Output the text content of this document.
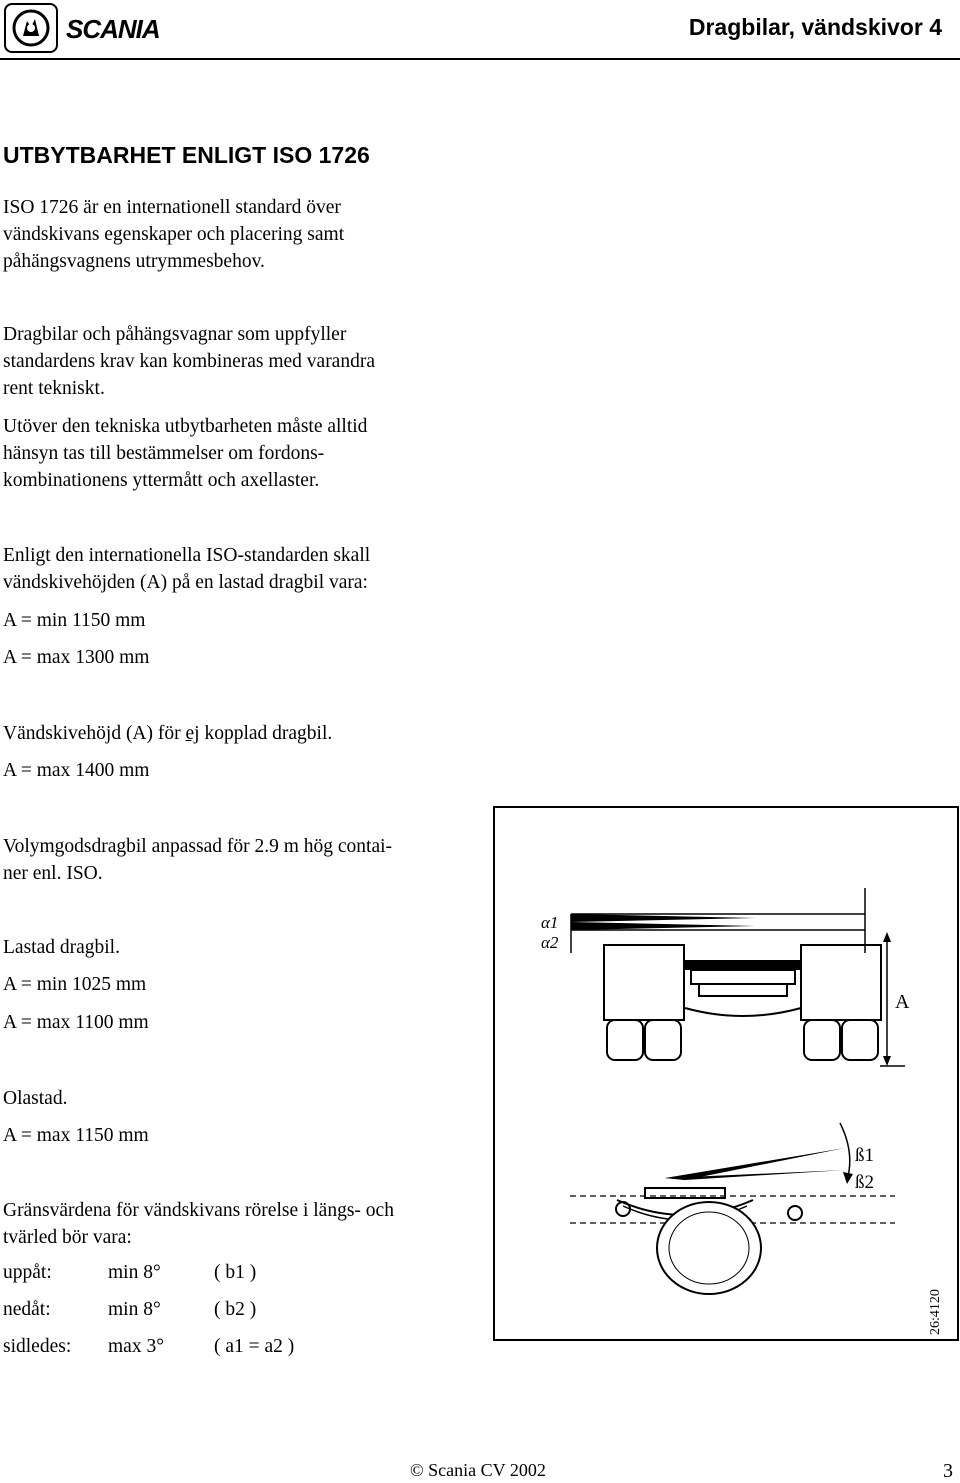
SCANIA	Dragbilar, vändskivor 4
UTBYTBARHET ENLIGT ISO 1726
ISO 1726 är en internationell standard över
vändskivans egenskaper och placering samt
påhängsvagnens utrymmesbehov.
Dragbilar och påhängsvagnar som uppfyller
standardens krav kan kombineras med varandra
rent tekniskt.
Utöver den tekniska utbytbarheten måste alltid
hänsyn tas till bestämmelser om fordons-
kombinationens yttermått och axellaster.
Enligt den internationella ISO-standarden skall
vändskivehöjden (A) på en lastad dragbil vara:
A = min 1150 mm
A = max 1300 mm
Vändskivehöjd (A) för ej kopplad dragbil.
A = max 1400 mm
Volymgodsdragbil anpassad för 2.9 m hög contai-
ner enl. ISO.
Lastad dragbil.
A = min 1025 mm
A = max 1100 mm
Olastad.
A = max 1150 mm
Gränsvärdena för vändskivans rörelse i längs- och
tvärled bör vara:
uppåt:	min 8°	( b1 )
nedåt:	min 8°	( b2 )
sidledes: max 3°	( a1 = a2 )
α1
α2
A
ß1
ß2
26:4120
© Scania CV 2002	3
